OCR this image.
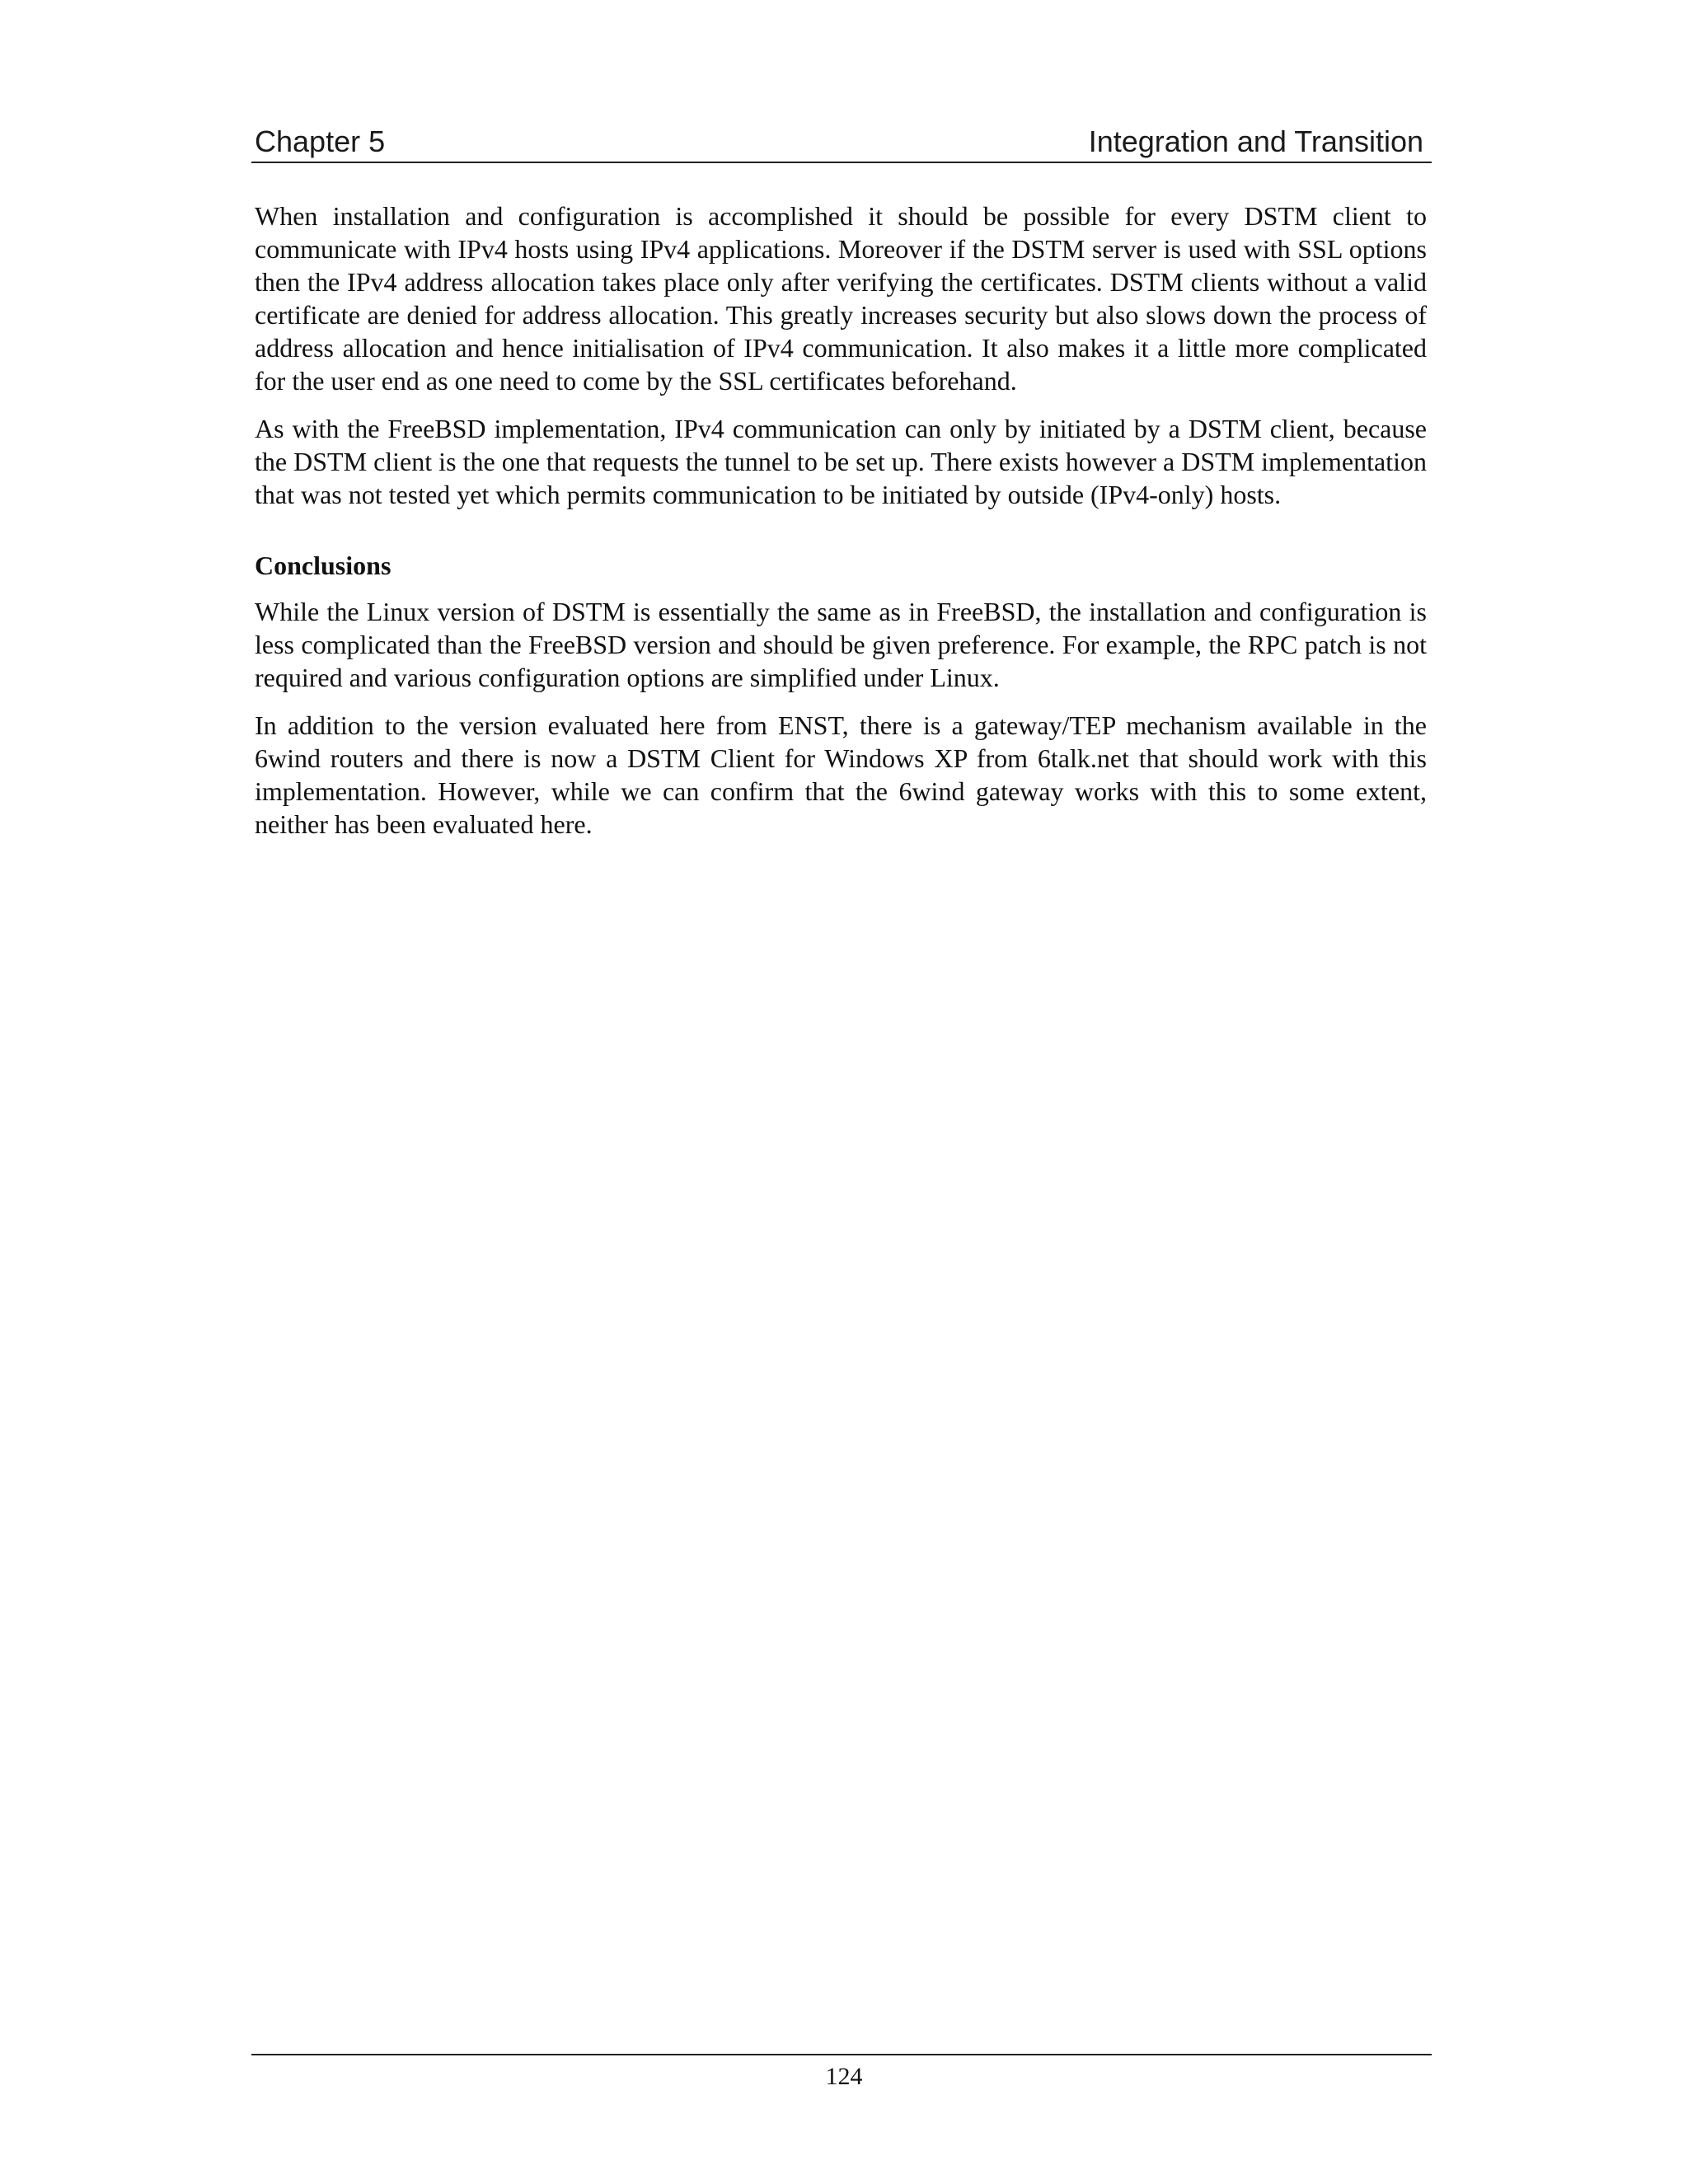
Chapter 5	Integration and Transition

When installation and configuration is accomplished it should be possible for every DSTM client to communicate with IPv4 hosts using IPv4 applications. Moreover if the DSTM server is used with SSL options then the IPv4 address allocation takes place only after verifying the certificates. DSTM clients without a valid certificate are denied for address allocation. This greatly increases security but also slows down the process of address allocation and hence initialisation of IPv4 communication. It also makes it a little more complicated for the user end as one need to come by the SSL certificates beforehand.

As with the FreeBSD implementation, IPv4 communication can only by initiated by a DSTM client, because the DSTM client is the one that requests the tunnel to be set up. There exists however a DSTM implementation that was not tested yet which permits communication to be initiated by outside (IPv4-only) hosts.

Conclusions

While the Linux version of DSTM is essentially the same as in FreeBSD, the installation and configuration is less complicated than the FreeBSD version and should be given preference. For example, the RPC patch is not required and various configuration options are simplified under Linux.

In addition to the version evaluated here from ENST, there is a gateway/TEP mechanism available in the 6wind routers and there is now a DSTM Client for Windows XP from 6talk.net that should work with this implementation. However, while we can confirm that the 6wind gateway works with this to some extent, neither has been evaluated here.

124
